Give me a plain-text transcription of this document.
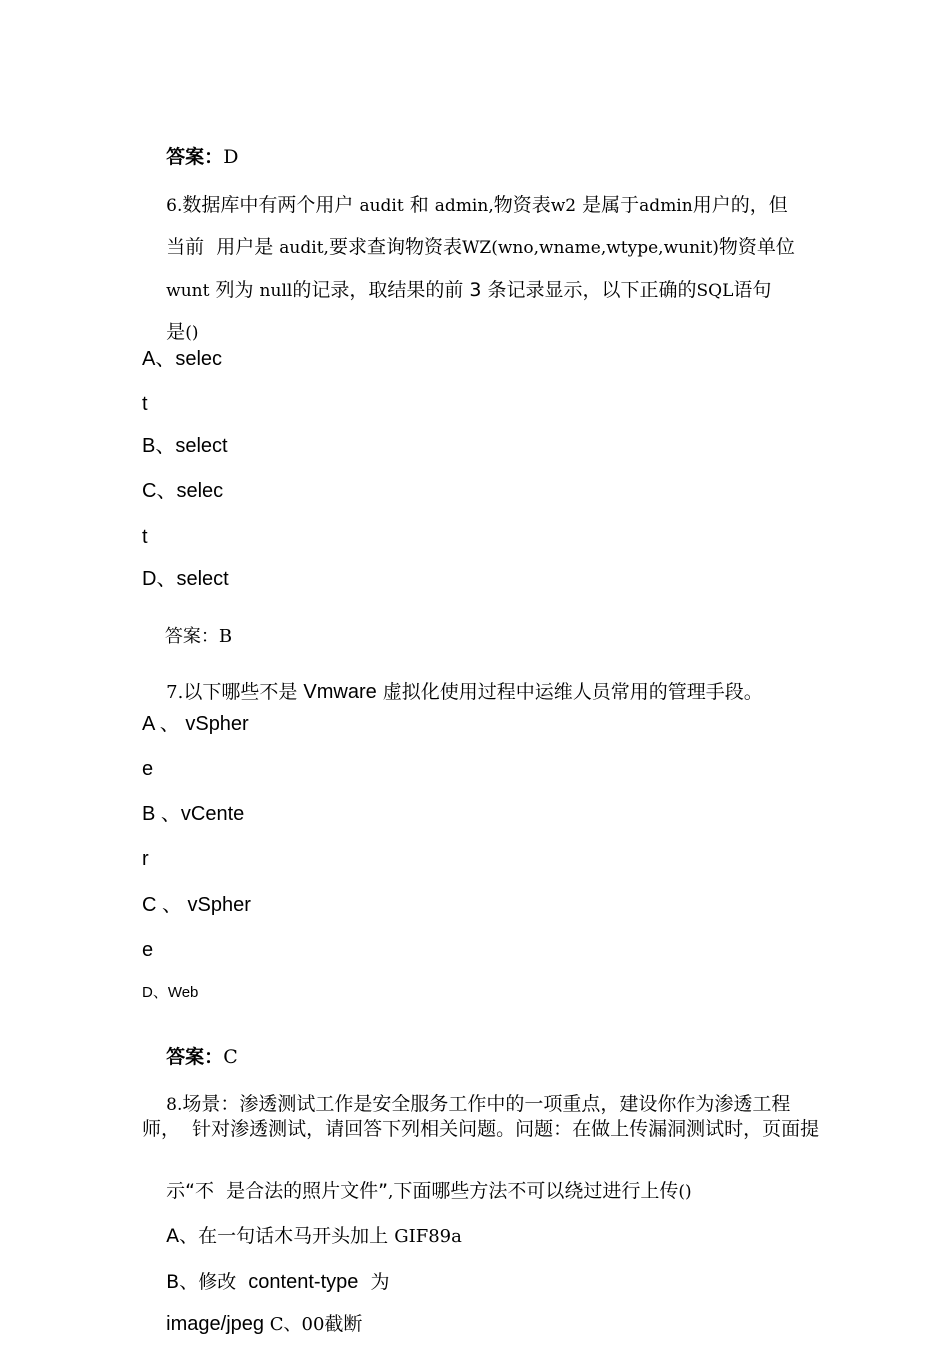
答案：D

6.数据库中有两个用户 audit 和 admin,物资表w2 是属于admin用户的，但

当前  用户是 audit,要求查询物资表WZ(wno,wname,wtype,wunit)物资单位

wunt 列为 null的记录，取结果的前 3 条记录显示，以下正确的SQL语句

是()

A、selec
t
B、select
C、selec
t
D、select

答案：B

7.以下哪些不是 Vmware 虚拟化使用过程中运维人员常用的管理手段。

A 、 vSpher
e
B 、vCente
r
C 、 vSpher
e
D、Web

答案：C

8.场景：渗透测试工作是安全服务工作中的一项重点，建设你作为渗透工程

师，  针对渗透测试，请回答下列相关问题。问题：在做上传漏洞测试时，页面提

示“不  是合法的照片文件”,下面哪些方法不可以绕过进行上传()

A、在一句话木马开头加上 GIF89a

B、修改  content-type  为

image/jpeg C、00截断
